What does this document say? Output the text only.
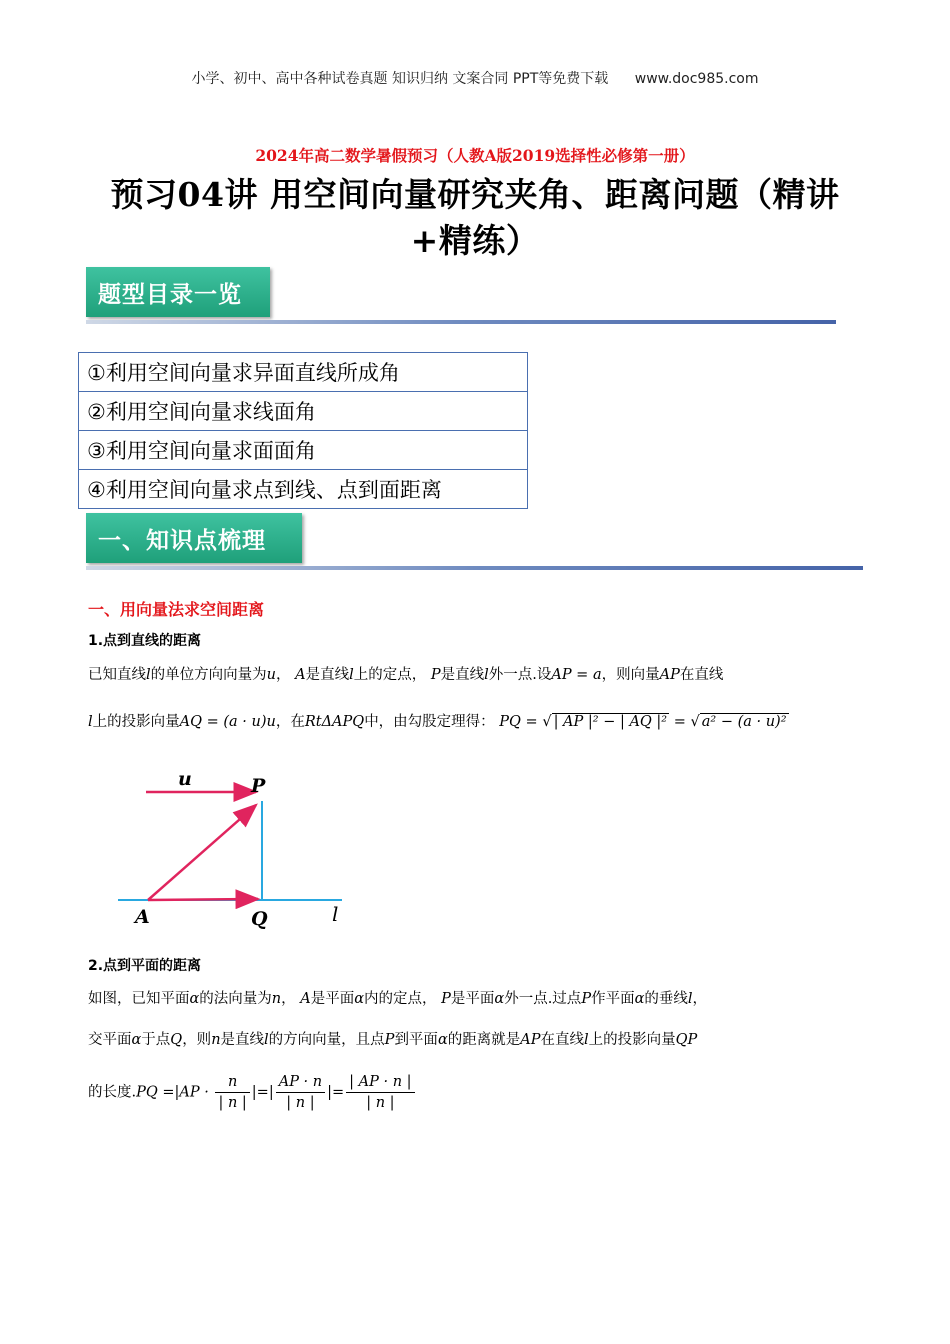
小学、初中、高中各种试卷真题 知识归纳 文案合同 PPT等免费下载 www.doc985.com
2024年高二数学暑假预习（人教A版2019选择性必修第一册）
预习04讲 用空间向量研究夹角、距离问题（精讲
+精练）
题型目录一览
①利用空间向量求异面直线所成角
②利用空间向量求线面角
③利用空间向量求面面角
④利用空间向量求点到线、点到面距离
一、知识点梳理
一、用向量法求空间距离
1.点到直线的距离
已知直线l的单位方向向量为u， A是直线l上的定点， P是直线l外一点.设AP = a，则向量AP在直线
l上的投影向量AQ = (a · u)u，在RtΔAPQ中，由勾股定理得： PQ = √ | AP |² − | AQ |² = √ a² − (a · u)²
u	P
A	Q	l
2.点到平面的距离
如图，已知平面α的法向量为n， A是平面α内的定点， P是平面α外一点.过点P作平面α的垂线l，
交平面α于点Q，则n是直线l的方向向量，且点P到平面α的距离就是AP在直线l上的投影向量QP
的长度$.PQ =|AP \cdot \frac{n}{| n |}$ |=| $\frac{AP \cdot n}{| n |}$ |= $\frac{| AP \cdot n |}{| n |}$
